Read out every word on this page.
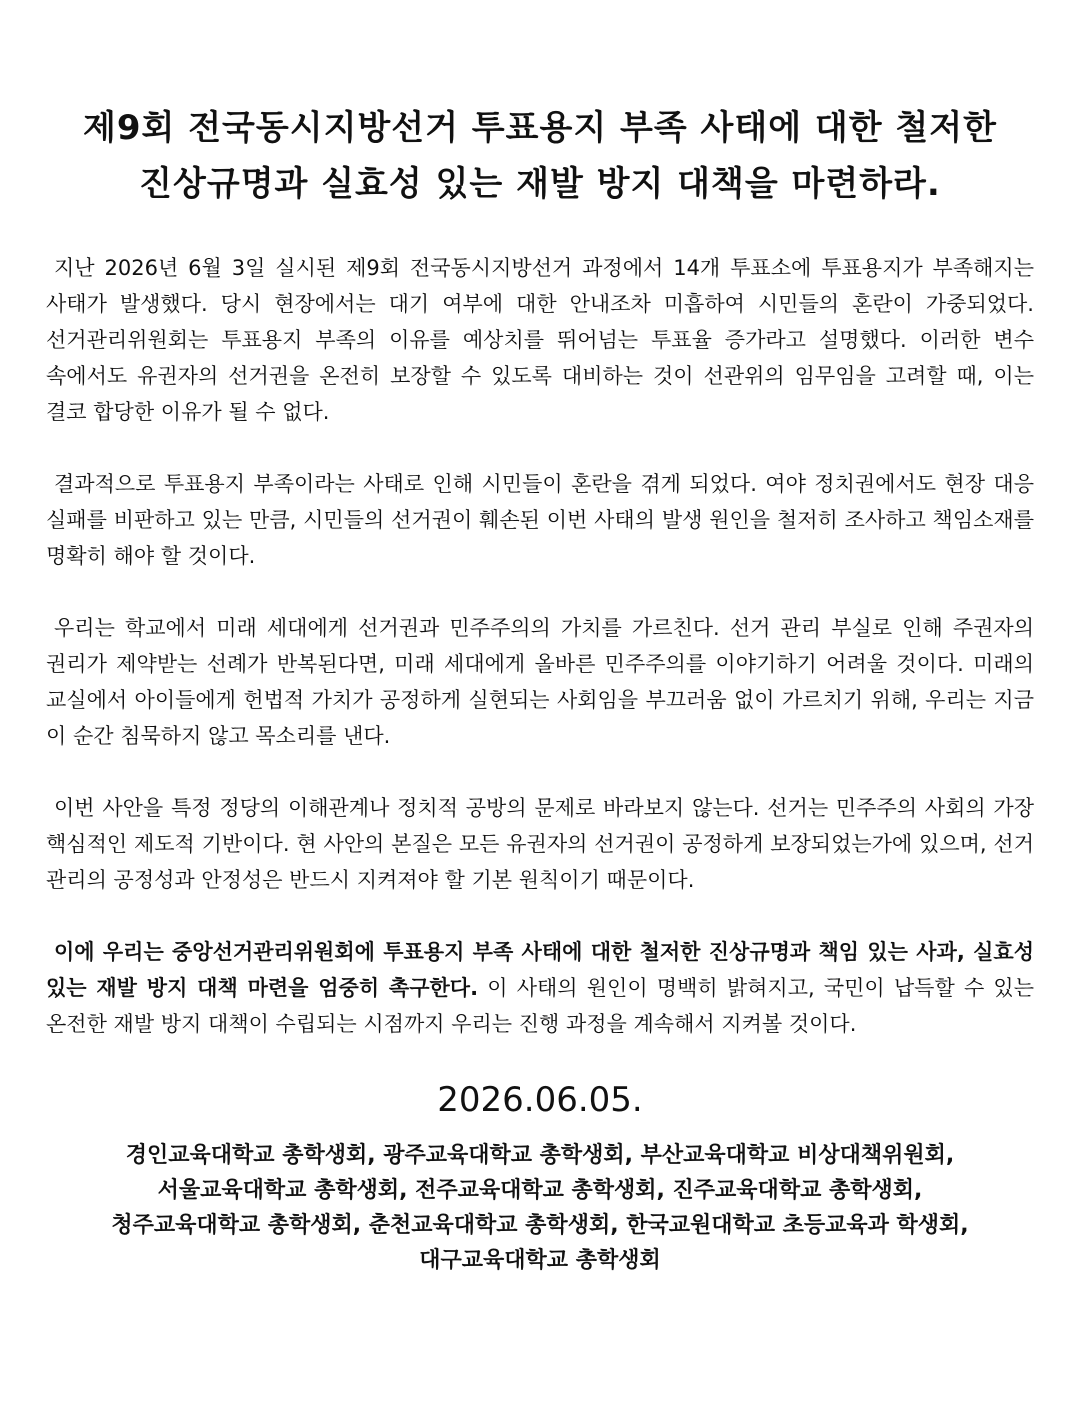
제9회 전국동시지방선거 투표용지 부족 사태에 대한 철저한
진상규명과 실효성 있는 재발 방지 대책을 마련하라.

지난 2026년 6월 3일 실시된 제9회 전국동시지방선거 과정에서 14개 투표소에 투표용지가 부족해지는 사태가 발생했다. 당시 현장에서는 대기 여부에 대한 안내조차 미흡하여 시민들의 혼란이 가중되었다. 선거관리위원회는 투표용지 부족의 이유를 예상치를 뛰어넘는 투표율 증가라고 설명했다. 이러한 변수 속에서도 유권자의 선거권을 온전히 보장할 수 있도록 대비하는 것이 선관위의 임무임을 고려할 때, 이는 결코 합당한 이유가 될 수 없다.

결과적으로 투표용지 부족이라는 사태로 인해 시민들이 혼란을 겪게 되었다. 여야 정치권에서도 현장 대응 실패를 비판하고 있는 만큼, 시민들의 선거권이 훼손된 이번 사태의 발생 원인을 철저히 조사하고 책임소재를 명확히 해야 할 것이다.

우리는 학교에서 미래 세대에게 선거권과 민주주의의 가치를 가르친다. 선거 관리 부실로 인해 주권자의 권리가 제약받는 선례가 반복된다면, 미래 세대에게 올바른 민주주의를 이야기하기 어려울 것이다. 미래의 교실에서 아이들에게 헌법적 가치가 공정하게 실현되는 사회임을 부끄러움 없이 가르치기 위해, 우리는 지금 이 순간 침묵하지 않고 목소리를 낸다.

이번 사안을 특정 정당의 이해관계나 정치적 공방의 문제로 바라보지 않는다. 선거는 민주주의 사회의 가장 핵심적인 제도적 기반이다. 현 사안의 본질은 모든 유권자의 선거권이 공정하게 보장되었는가에 있으며, 선거 관리의 공정성과 안정성은 반드시 지켜져야 할 기본 원칙이기 때문이다.

이에 우리는 중앙선거관리위원회에 투표용지 부족 사태에 대한 철저한 진상규명과 책임 있는 사과, 실효성 있는 재발 방지 대책 마련을 엄중히 촉구한다. 이 사태의 원인이 명백히 밝혀지고, 국민이 납득할 수 있는 온전한 재발 방지 대책이 수립되는 시점까지 우리는 진행 과정을 계속해서 지켜볼 것이다.

2026.06.05.
경인교육대학교 총학생회, 광주교육대학교 총학생회, 부산교육대학교 비상대책위원회,
서울교육대학교 총학생회, 전주교육대학교 총학생회, 진주교육대학교 총학생회,
청주교육대학교 총학생회, 춘천교육대학교 총학생회, 한국교원대학교 초등교육과 학생회,
대구교육대학교 총학생회
